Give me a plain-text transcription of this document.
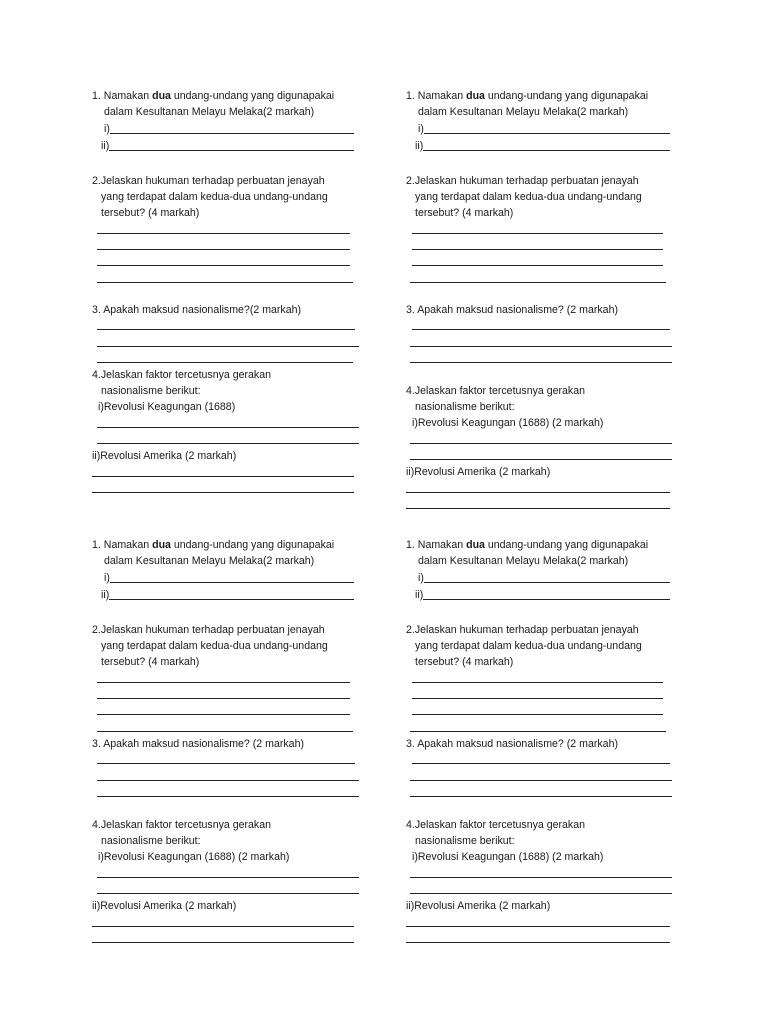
1. Namakan dua undang-undang yang digunapakai
dalam Kesultanan Melayu Melaka(2 markah)
i)
ii)
2.Jelaskan hukuman terhadap perbuatan jenayah
yang terdapat dalam kedua-dua undang-undang
tersebut? (4 markah)
3. Apakah maksud nasionalisme?(2 markah)
4.Jelaskan faktor tercetusnya gerakan
nasionalisme berikut:
i)Revolusi Keagungan (1688)
ii)Revolusi Amerika (2 markah)
1. Namakan dua undang-undang yang digunapakai
dalam Kesultanan Melayu Melaka(2 markah)
i)
ii)
2.Jelaskan hukuman terhadap perbuatan jenayah
yang terdapat dalam kedua-dua undang-undang
tersebut? (4 markah)
3. Apakah maksud nasionalisme? (2 markah)
4.Jelaskan faktor tercetusnya gerakan
nasionalisme berikut:
i)Revolusi Keagungan (1688) (2 markah)
ii)Revolusi Amerika (2 markah)
1. Namakan dua undang-undang yang digunapakai
dalam Kesultanan Melayu Melaka(2 markah)
i)
ii)
2.Jelaskan hukuman terhadap perbuatan jenayah
yang terdapat dalam kedua-dua undang-undang
tersebut? (4 markah)
3. Apakah maksud nasionalisme? (2 markah)
4.Jelaskan faktor tercetusnya gerakan
nasionalisme berikut:
i)Revolusi Keagungan (1688) (2 markah)
ii)Revolusi Amerika (2 markah)
1. Namakan dua undang-undang yang digunapakai
dalam Kesultanan Melayu Melaka(2 markah)
i)
ii)
2.Jelaskan hukuman terhadap perbuatan jenayah
yang terdapat dalam kedua-dua undang-undang
tersebut? (4 markah)
3. Apakah maksud nasionalisme? (2 markah)
4.Jelaskan faktor tercetusnya gerakan
nasionalisme berikut:
i)Revolusi Keagungan (1688) (2 markah)
ii)Revolusi Amerika (2 markah)
